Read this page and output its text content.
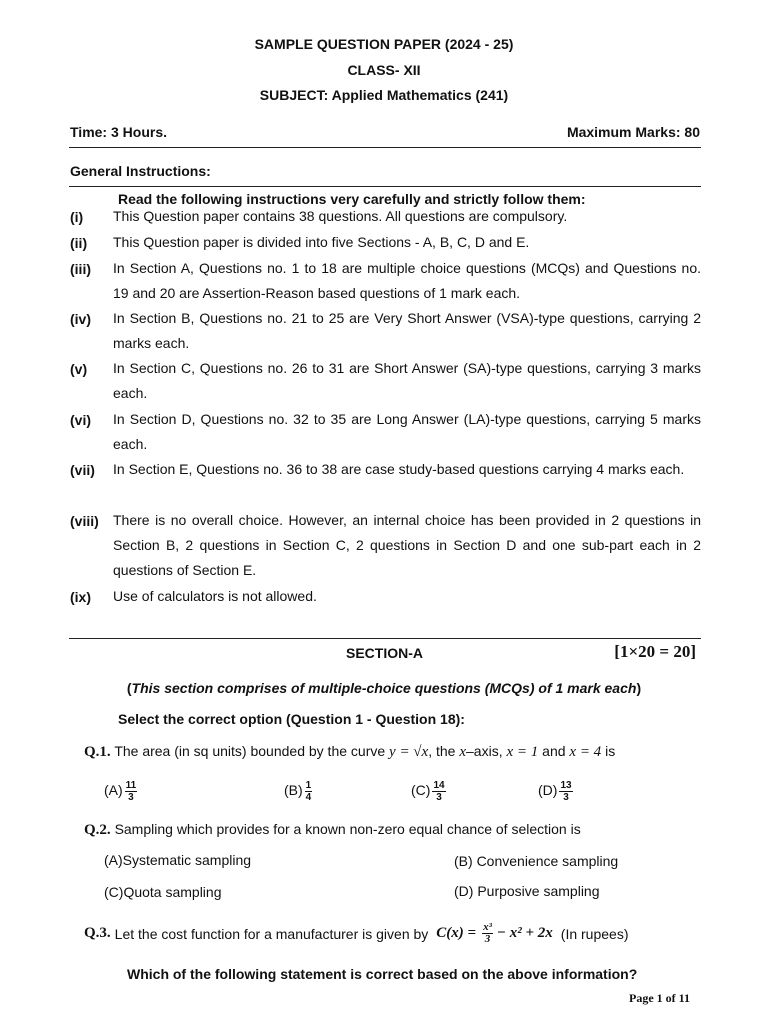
SAMPLE QUESTION PAPER (2024 - 25)
CLASS- XII
SUBJECT: Applied Mathematics (241)
Time: 3 Hours.	Maximum Marks: 80
General Instructions:
Read the following instructions very carefully and strictly follow them:
(i)	This Question paper contains 38 questions. All questions are compulsory.
(ii)	This Question paper is divided into five Sections - A, B, C, D and E.
(iii)	In Section A, Questions no. 1 to 18 are multiple choice questions (MCQs) and Questions no. 19 and 20 are Assertion-Reason based questions of 1 mark each.
(iv)	In Section B, Questions no. 21 to 25 are Very Short Answer (VSA)-type questions, carrying 2 marks each.
(v)	In Section C, Questions no. 26 to 31 are Short Answer (SA)-type questions, carrying 3 marks each.
(vi)	In Section D, Questions no. 32 to 35 are Long Answer (LA)-type questions, carrying 5 marks each.
(vii)	In Section E, Questions no. 36 to 38 are case study-based questions carrying 4 marks each.
(viii)	There is no overall choice. However, an internal choice has been provided in 2 questions in Section B, 2 questions in Section C, 2 questions in Section D and one sub-part each in 2 questions of Section E.
(ix)	Use of calculators is not allowed.
SECTION-A	[1×20 = 20]
(This section comprises of multiple-choice questions (MCQs) of 1 mark each)
Select the correct option (Question 1 - Question 18):
Q.1. The area (in sq units) bounded by the curve y = √x, the x–axis, x = 1 and x = 4 is
$(A) \frac{11}{3}$	$(B) \frac{1}{4}$	$(C) \frac{14}{3}$	$(D) \frac{13}{3}$
Q.2. Sampling which provides for a known non-zero equal chance of selection is
(A)Systematic sampling	(B) Convenience sampling
(C)Quota sampling	(D) Purposive sampling
Q.3. Let the cost function for a manufacturer is given by $C(x) = \frac{\text{x³}}{3} - x^2 + 2x$ (In rupees)
Which of the following statement is correct based on the above information?
Page 1 of 11
